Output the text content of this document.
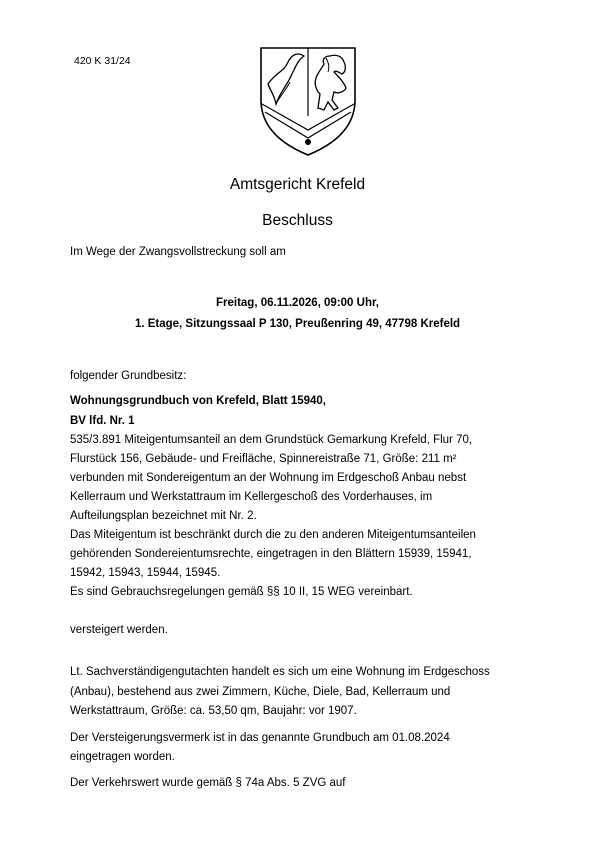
420 K 31/24
Amtsgericht Krefeld
Beschluss
Im Wege der Zwangsvollstreckung soll am
Freitag, 06.11.2026, 09:00 Uhr,
1. Etage, Sitzungssaal P 130, Preußenring 49, 47798 Krefeld
folgender Grundbesitz:
Wohnungsgrundbuch von Krefeld, Blatt 15940,
BV lfd. Nr. 1
535/3.891 Miteigentumsanteil an dem Grundstück Gemarkung Krefeld, Flur 70,
Flurstück 156, Gebäude- und Freifläche, Spinnereistraße 71, Größe: 211 m²
verbunden mit Sondereigentum an der Wohnung im Erdgeschoß Anbau nebst
Kellerraum und Werkstattraum im Kellergeschoß des Vorderhauses, im
Aufteilungsplan bezeichnet mit Nr. 2.
Das Miteigentum ist beschränkt durch die zu den anderen Miteigentumsanteilen
gehörenden Sondereientumsrechte, eingetragen in den Blättern 15939, 15941,
15942, 15943, 15944, 15945.
Es sind Gebrauchsregelungen gemäß §§ 10 II, 15 WEG vereinbart.
versteigert werden.
Lt. Sachverständigengutachten handelt es sich um eine Wohnung im Erdgeschoss
(Anbau), bestehend aus zwei Zimmern, Küche, Diele, Bad, Kellerraum und
Werkstattraum, Größe: ca. 53,50 qm, Baujahr: vor 1907.
Der Versteigerungsvermerk ist in das genannte Grundbuch am 01.08.2024
eingetragen worden.
Der Verkehrswert wurde gemäß § 74a Abs. 5 ZVG auf
